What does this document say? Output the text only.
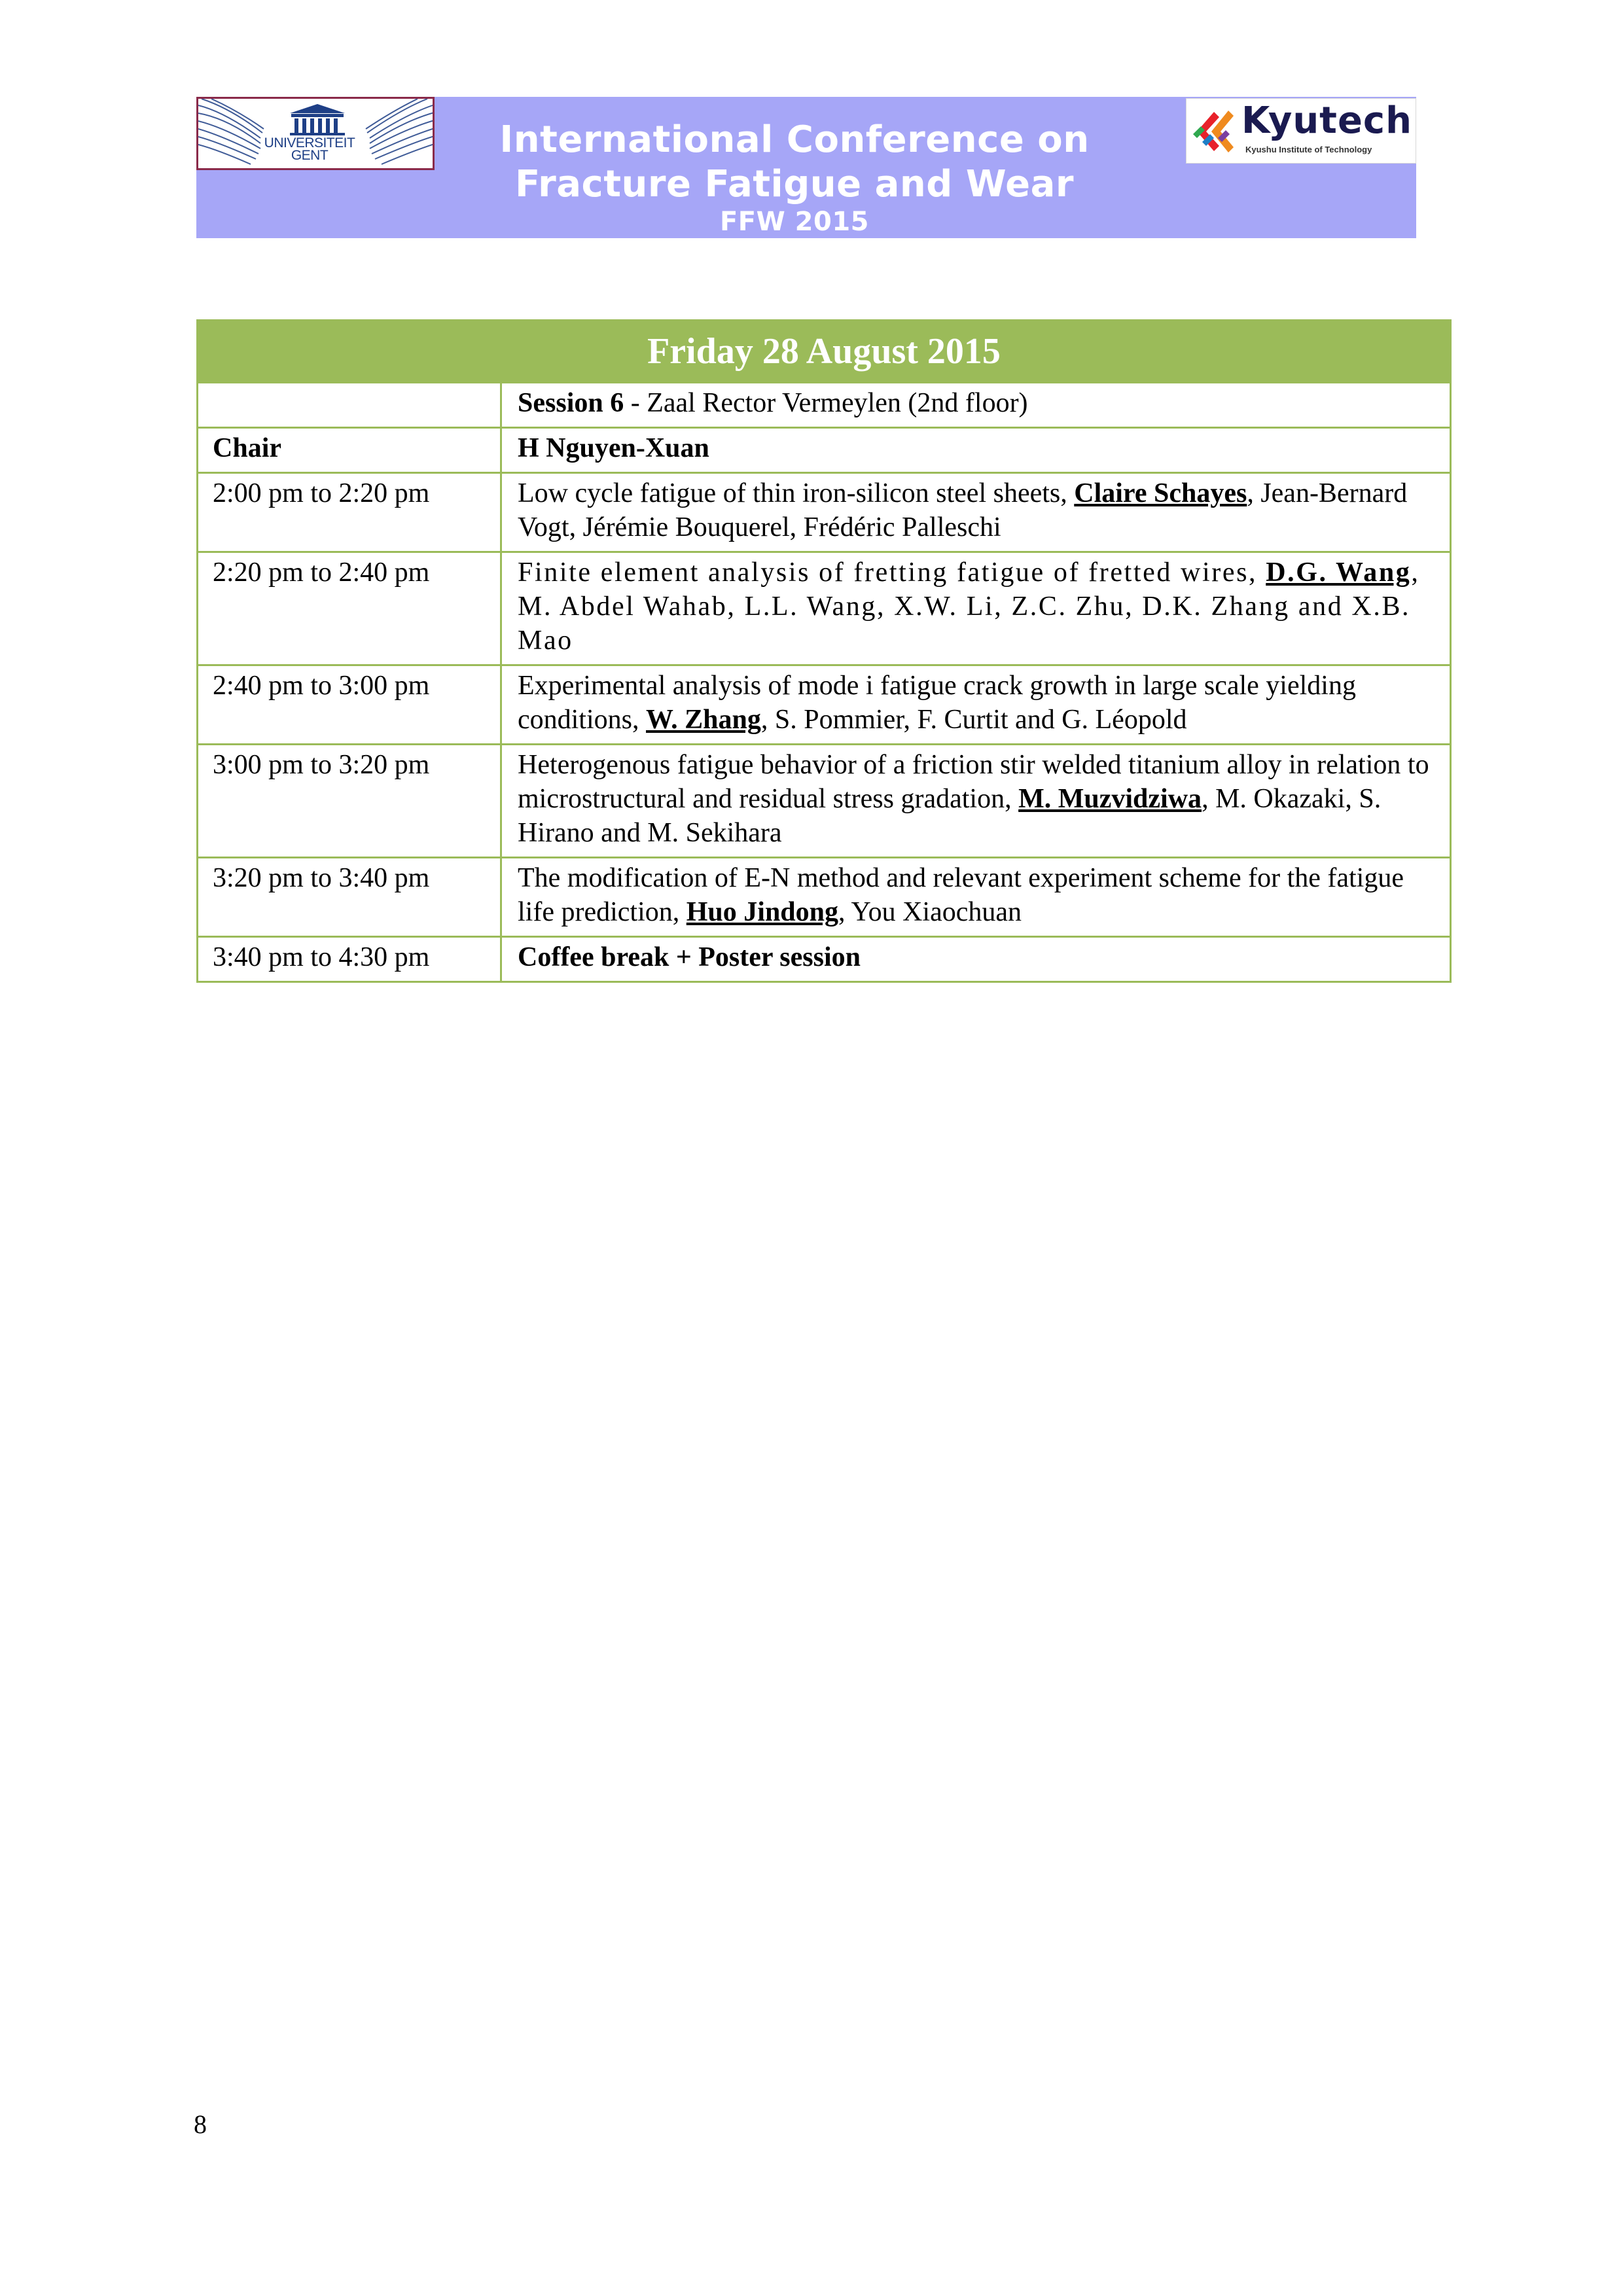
UNIVERSITEIT
GENT	International Conference on
Fracture Fatigue and Wear
FFW 2015
Kyutech
Kyushu Institute of Technology
Friday 28 August 2015	
	Session 6 - Zaal Rector Vermeylen (2nd floor)
Chair	H Nguyen-Xuan
2:00 pm to 2:20 pm	Low cycle fatigue of thin iron-silicon steel sheets, Claire Schayes, Jean-Bernard Vogt, Jérémie Bouquerel, Frédéric Palleschi
2:20 pm to 2:40 pm	Finite element analysis of fretting fatigue of fretted wires, D.G. Wang, M. Abdel Wahab, L.L. Wang, X.W. Li, Z.C. Zhu, D.K. Zhang and X.B. Mao
2:40 pm to 3:00 pm	Experimental analysis of mode i fatigue crack growth in large scale yielding conditions, W. Zhang, S. Pommier, F. Curtit and G. Léopold
3:00 pm to 3:20 pm	Heterogenous fatigue behavior of a friction stir welded titanium alloy in relation to microstructural and residual stress gradation, M. Muzvidziwa, M. Okazaki, S. Hirano and M. Sekihara
3:20 pm to 3:40 pm	The modification of E-N method and relevant experiment scheme for the fatigue life prediction, Huo Jindong, You Xiaochuan
3:40 pm to 4:30 pm	Coffee break + Poster session
8
